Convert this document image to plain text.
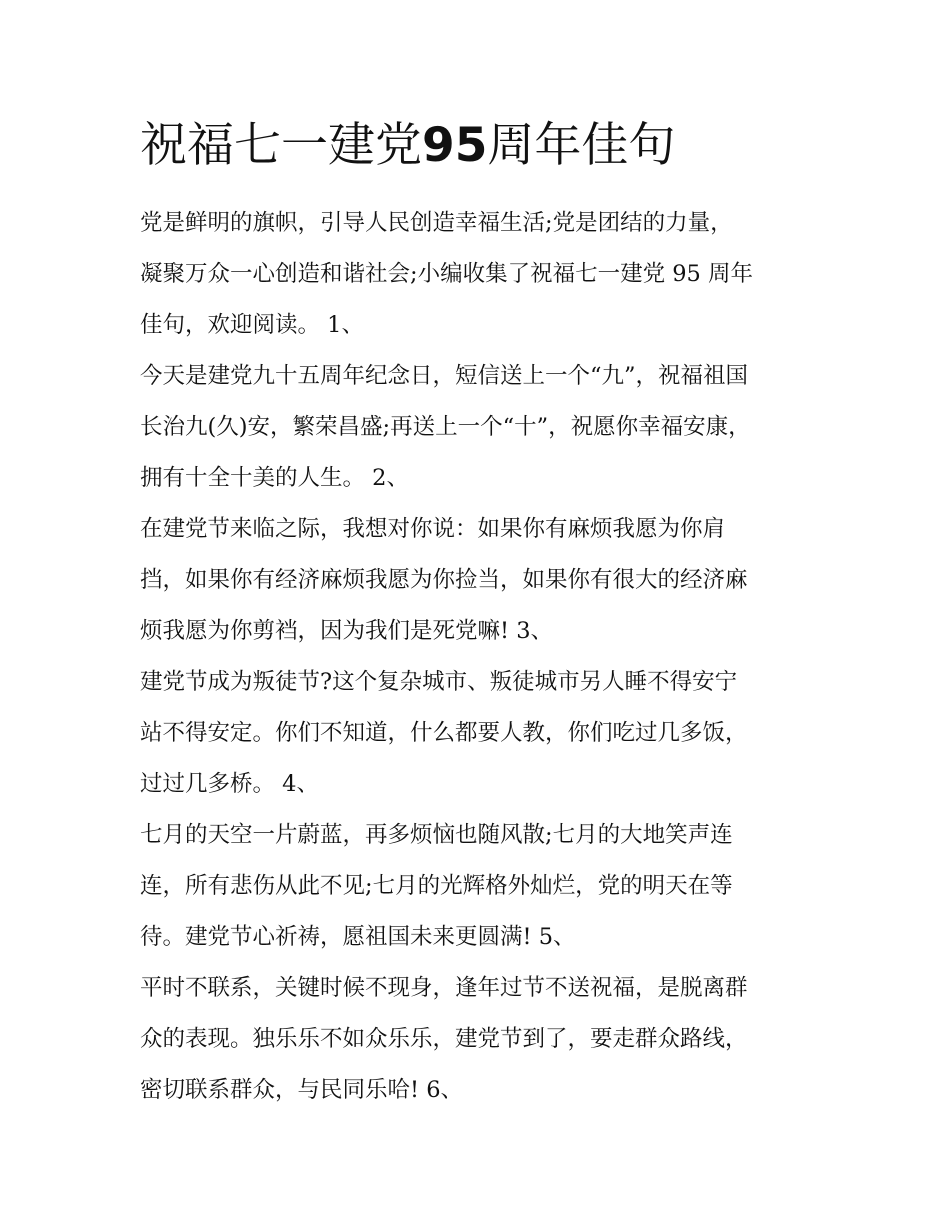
祝福七一建党95周年佳句
党是鲜明的旗帜，引导人民创造幸福生活;党是团结的力量，
凝聚万众一心创造和谐社会;小编收集了祝福七一建党 95 周年
佳句，欢迎阅读。 1、
今天是建党九十五周年纪念日，短信送上一个“九”，祝福祖国
长治九(久)安，繁荣昌盛;再送上一个“十”，祝愿你幸福安康，
拥有十全十美的人生。 2、
在建党节来临之际，我想对你说：如果你有麻烦我愿为你肩
挡，如果你有经济麻烦我愿为你捡当，如果你有很大的经济麻
烦我愿为你剪裆，因为我们是死党嘛! 3、
建党节成为叛徒节?这个复杂城市、叛徒城市另人睡不得安宁
站不得安定。你们不知道，什么都要人教，你们吃过几多饭，
过过几多桥。 4、
七月的天空一片蔚蓝，再多烦恼也随风散;七月的大地笑声连
连，所有悲伤从此不见;七月的光辉格外灿烂，党的明天在等
待。建党节心祈祷，愿祖国未来更圆满! 5、
平时不联系，关键时候不现身，逢年过节不送祝福，是脱离群
众的表现。独乐乐不如众乐乐，建党节到了，要走群众路线，
密切联系群众，与民同乐哈! 6、
